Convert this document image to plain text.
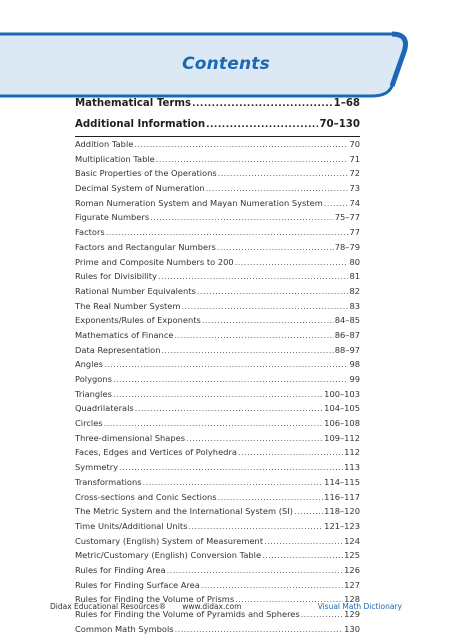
Contents
Mathematical Terms .....	1–68
Additional Information .....	70–130
Addition Table .....	70
Multiplication Table .....	71
Basic Properties of the Operations .....	72
Decimal System of Numeration .....	73
Roman Numeration System and Mayan Numeration System .....	74
Figurate Numbers .....	75–77
Factors .....	77
Factors and Rectangular Numbers .....	78–79
Prime and Composite Numbers to 200 .....	80
Rules for Divisibility .....	81
Rational Number Equivalents .....	82
The Real Number System .....	83
Exponents/Rules of Exponents .....	84–85
Mathematics of Finance .....	86–87
Data Representation .....	88–97
Angles .....	98
Polygons .....	99
Triangles .....	100–103
Quadrilaterals .....	104–105
Circles .....	106–108
Three-dimensional Shapes .....	109–112
Faces, Edges and Vertices of Polyhedra .....	112
Symmetry .....	113
Transformations .....	114–115
Cross-sections and Conic Sections .....	116–117
The Metric System and the International System (SI) .....	118–120
Time Units/Additional Units .....	121–123
Customary (English) System of Measurement .....	124
Metric/Customary (English) Conversion Table .....	125
Rules for Finding Area .....	126
Rules for Finding Surface Area .....	127
Rules for Finding the Volume of Prisms .....	128
Rules for Finding the Volume of Pyramids and Spheres .....	129
Common Math Symbols .....	130
Didax Educational Resources® www.didax.com	Visual Math Dictionary
